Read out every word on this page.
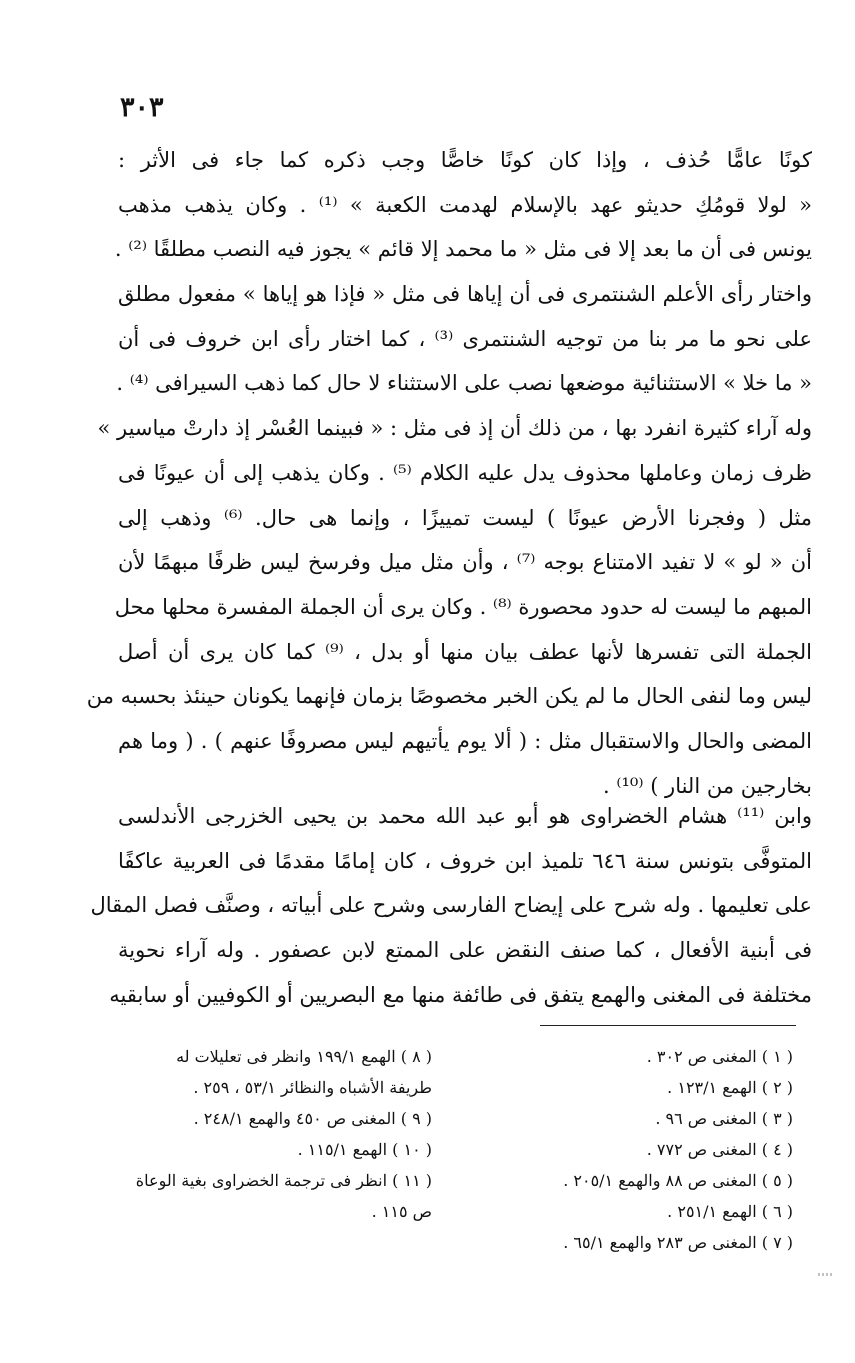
٣٠٣
كونًا عامًّا حُذف ، وإذا كان كونًا خاصًّا وجب ذكره كما جاء فى الأثر :
« لولا قومُكِ حديثو عهد بالإسلام لهدمت الكعبة » ⁽¹⁾ . وكان يذهب مذهب
يونس فى أن ما بعد إلا فى مثل « ما محمد إلا قائم » يجوز فيه النصب مطلقًا ⁽²⁾ .
واختار رأى الأعلم الشنتمرى فى أن إياها فى مثل « فإذا هو إياها » مفعول مطلق
على نحو ما مر بنا من توجيه الشنتمرى ⁽³⁾ ، كما اختار رأى ابن خروف فى أن
« ما خلا » الاستثنائية موضعها نصب على الاستثناء لا حال كما ذهب السيرافى ⁽⁴⁾ .
وله آراء كثيرة انفرد بها ، من ذلك أن إذ فى مثل : « فبينما العُسْر إذ دارتْ مياسير »
ظرف زمان وعاملها محذوف يدل عليه الكلام ⁽⁵⁾ . وكان يذهب إلى أن عيونًا فى
مثل ( وفجرنا الأرض عيونًا ) ليست تمييزًا ، وإنما هى حال. ⁽⁶⁾ وذهب إلى
أن « لو » لا تفيد الامتناع بوجه ⁽⁷⁾ ، وأن مثل ميل وفرسخ ليس ظرفًا مبهمًا لأن
المبهم ما ليست له حدود محصورة ⁽⁸⁾ . وكان يرى أن الجملة المفسرة محلها محل
الجملة التى تفسرها لأنها عطف بيان منها أو بدل ، ⁽⁹⁾ كما كان يرى أن أصل
ليس وما لنفى الحال ما لم يكن الخبر مخصوصًا بزمان فإنهما يكونان حينئذ بحسبه من
المضى والحال والاستقبال مثل : ( ألا يوم يأتيهم ليس مصروفًا عنهم ) . ( وما هم
بخارجين من النار ) ⁽¹⁰⁾ .
وابن ⁽¹¹⁾ هشام الخضراوى هو أبو عبد الله محمد بن يحيى الخزرجى الأندلسى
المتوفَّى بتونس سنة ٦٤٦ تلميذ ابن خروف ، كان إمامًا مقدمًا فى العربية عاكفًا
على تعليمها . وله شرح على إيضاح الفارسى وشرح على أبياته ، وصنَّف فصل المقال
فى أبنية الأفعال ، كما صنف النقض على الممتع لابن عصفور . وله آراء نحوية
مختلفة فى المغنى والهمع يتفق فى طائفة منها مع البصريين أو الكوفيين أو سابقيه
( ١ ) المغنى ص ٣٠٢ .
( ٢ ) الهمع ١٢٣/١ .
( ٣ ) المغنى ص ٩٦ .
( ٤ ) المغنى ص ٧٧٢ .
( ٥ ) المغنى ص ٨٨ والهمع ٢٠٥/١ .
( ٦ ) الهمع ٢٥١/١ .
( ٧ ) المغنى ص ٢٨٣ والهمع ٦٥/١ .
( ٨ ) الهمع ١٩٩/١ وانظر فى تعليلات له
طريفة الأشباه والنظائر ٥٣/١ ، ٢٥٩ .
( ٩ ) المغنى ص ٤٥٠ والهمع ٢٤٨/١ .
( ١٠ ) الهمع ١١٥/١ .
( ١١ ) انظر فى ترجمة الخضراوى بغية الوعاة
ص ١١٥ .
